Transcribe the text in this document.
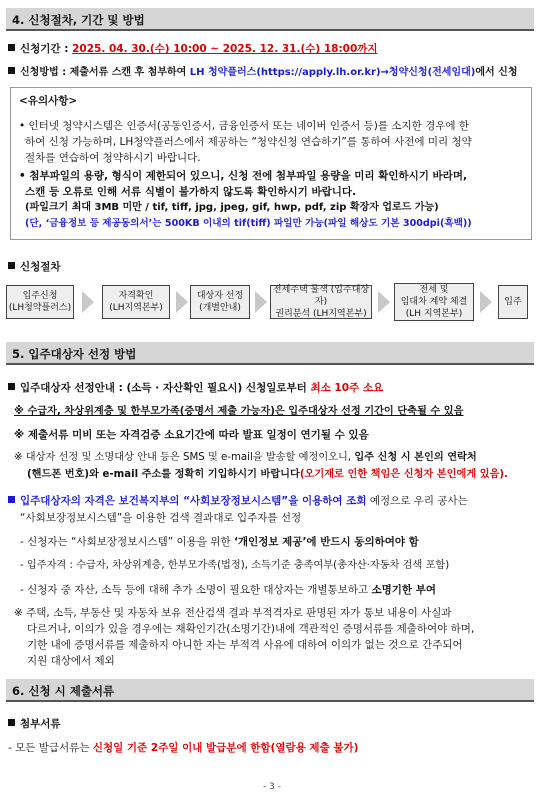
4. 신청절차, 기간 및 방법
신청기간 : 2025. 04. 30.(수) 10:00 ~ 2025. 12. 31.(수) 18:00까지
신청방법 : 제출서류 스캔 후 첨부하여 LH 청약플러스(https://apply.lh.or.kr)→청약신청(전세임대)에서 신청
<유의사항>
• 인터넷 청약시스템은 인증서(공동인증서, 금융인증서 또는 네이버 인증서 등)를 소지한 경우에 한
하여 신청 가능하며, LH청약플러스에서 제공하는 “청약신청 연습하기”를 통하여 사전에 미리 청약
절차를 연습하여 청약하시기 바랍니다.
• 첨부파일의 용량, 형식이 제한되어 있으니, 신청 전에 첨부파일 용량을 미리 확인하시기 바라며,
스캔 등 오류로 인해 서류 식별이 불가하지 않도록 확인하시기 바랍니다.
(파일크기 최대 3MB 미만 / tif, tiff, jpg, jpeg, gif, hwp, pdf, zip 확장자 업로드 가능)
(단, ‘금융정보 등 제공동의서’는 500KB 이내의 tif(tiff) 파일만 가능(파일 해상도 기본 300dpi(흑백))
신청절차
입주신청
(LH청약플러스)
자격확인
(LH지역본부)
대상자 선정
(개별안내)
전세주택 물색 (입주대상자)
권리분석 (LH지역본부)
전세 및
임대차 계약 체결
(LH 지역본부)
입주
5. 입주대상자 선정 방법
입주대상자 선정안내 : (소득 · 자산확인 필요시) 신청일로부터 최소 10주 소요
※ 수급자, 차상위계층 및 한부모가족(증명서 제출 가능자)은 입주대상자 선정 기간이 단축될 수 있음
※ 제출서류 미비 또는 자격검증 소요기간에 따라 발표 일정이 연기될 수 있음
※ 대상자 선정 및 소명대상 안내 등은 SMS 및 e-mail을 발송할 예정이오니, 입주 신청 시 본인의 연락처
(핸드폰 번호)와 e-mail 주소를 정확히 기입하시기 바랍니다(오기재로 인한 책임은 신청자 본인에게 있음).
입주대상자의 자격은 보건복지부의 “사회보장정보시스템”을 이용하여 조회 예정으로 우리 공사는
“사회보장정보시스템”을 이용한 검색 결과대로 입주자를 선정
- 신청자는 “사회보장정보시스템” 이용을 위한 ‘개인정보 제공’에 반드시 동의하여야 함
- 입주자격 : 수급자, 차상위계층, 한부모가족(법정), 소득기준 충족여부(총자산·자동차 검색 포함)
- 신청자 중 자산, 소득 등에 대해 추가 소명이 필요한 대상자는 개별통보하고 소명기한 부여
※ 주택, 소득, 부동산 및 자동차 보유 전산검색 결과 부적격자로 판명된 자가 통보 내용이 사실과
다르거나, 이의가 있을 경우에는 재확인기간(소명기간)내에 객관적인 증명서류를 제출하여야 하며,
기한 내에 증명서류를 제출하지 아니한 자는 부적격 사유에 대하여 이의가 없는 것으로 간주되어
지원 대상에서 제외
6. 신청 시 제출서류
첨부서류
- 모든 발급서류는 신청일 기준 2주일 이내 발급분에 한함(열람용 제출 불가)
- 3 -
